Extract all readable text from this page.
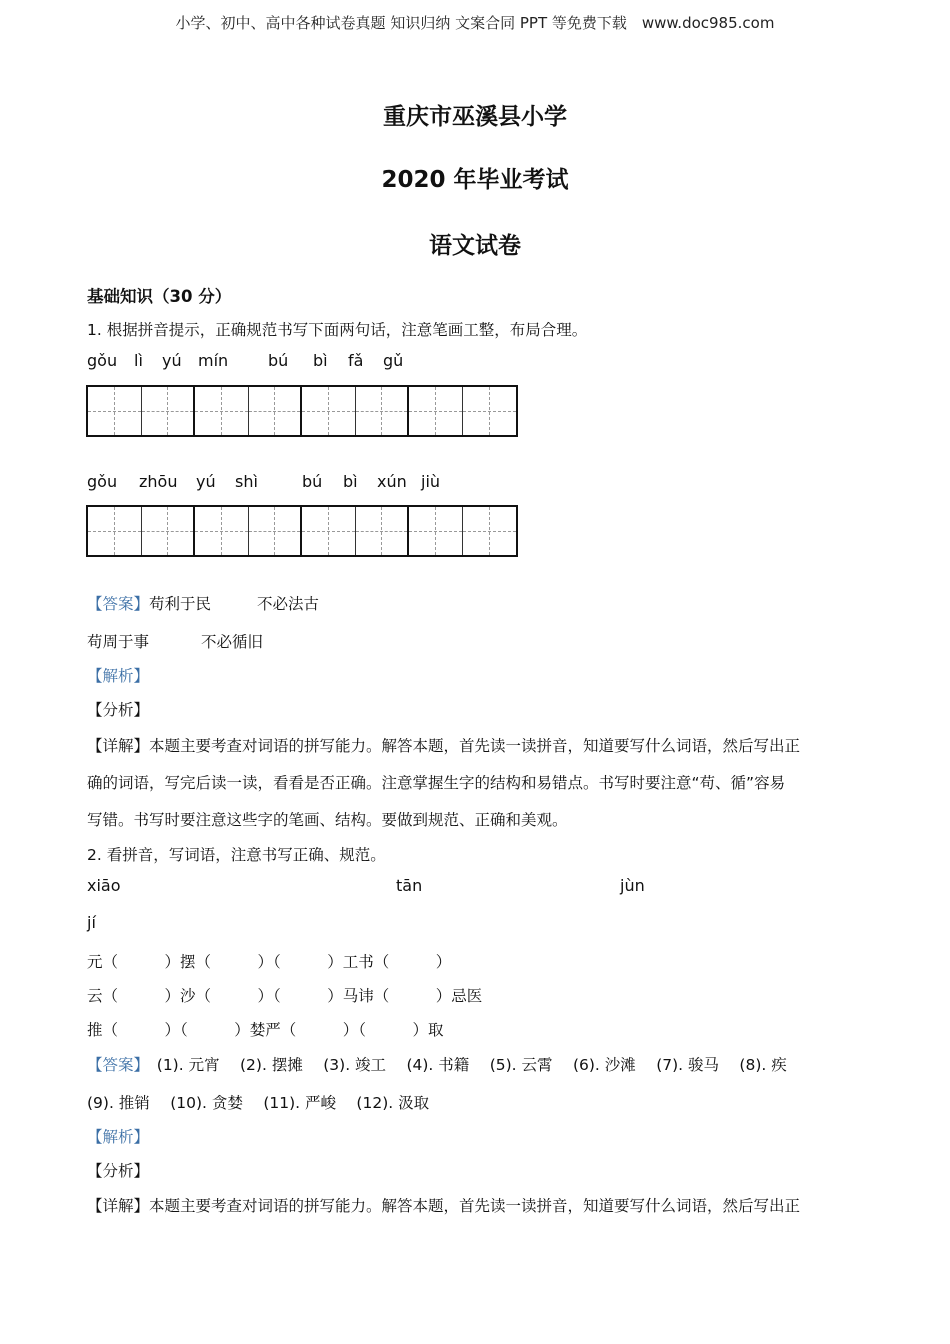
小学、初中、高中各种试卷真题 知识归纳 文案合同 PPT 等免费下载　www.doc985.com
重庆市巫溪县小学
2020 年毕业考试
语文试卷
基础知识（30 分）
1. 根据拼音提示，正确规范书写下面两句话，注意笔画工整，布局合理。
gǒu lì yú mín bú bì fǎ gǔ
gǒu zhōu yú shì	bú bì xún jiù
【答案】苟利于民	不必法古
苟周于事	不必循旧
【解析】
【分析】
【详解】本题主要考查对词语的拼写能力。解答本题，首先读一读拼音，知道要写什么词语，然后写出正
确的词语，写完后读一读，看看是否正确。注意掌握生字的结构和易错点。书写时要注意“苟、循”容易
写错。书写时要注意这些字的笔画、结构。要做到规范、正确和美观。
2. 看拼音，写词语，注意书写正确、规范。
xiāo	tān	jùn
jí
元（　　　）摆（　　　）（　　　）工书（　　　）
云（　　　）沙（　　　）（　　　）马讳（　　　）忌医
推（　　　）（　　　）婪严（　　　）（　　　）取
【答案】　(1). 元宵　 (2). 摆摊　 (3). 竣工　 (4). 书籍　 (5). 云霄　 (6). 沙滩　 (7). 骏马　 (8). 疾
(9). 推销　 (10). 贪婪　 (11). 严峻　 (12). 汲取
【解析】
【分析】
【详解】本题主要考查对词语的拼写能力。解答本题，首先读一读拼音，知道要写什么词语，然后写出正
